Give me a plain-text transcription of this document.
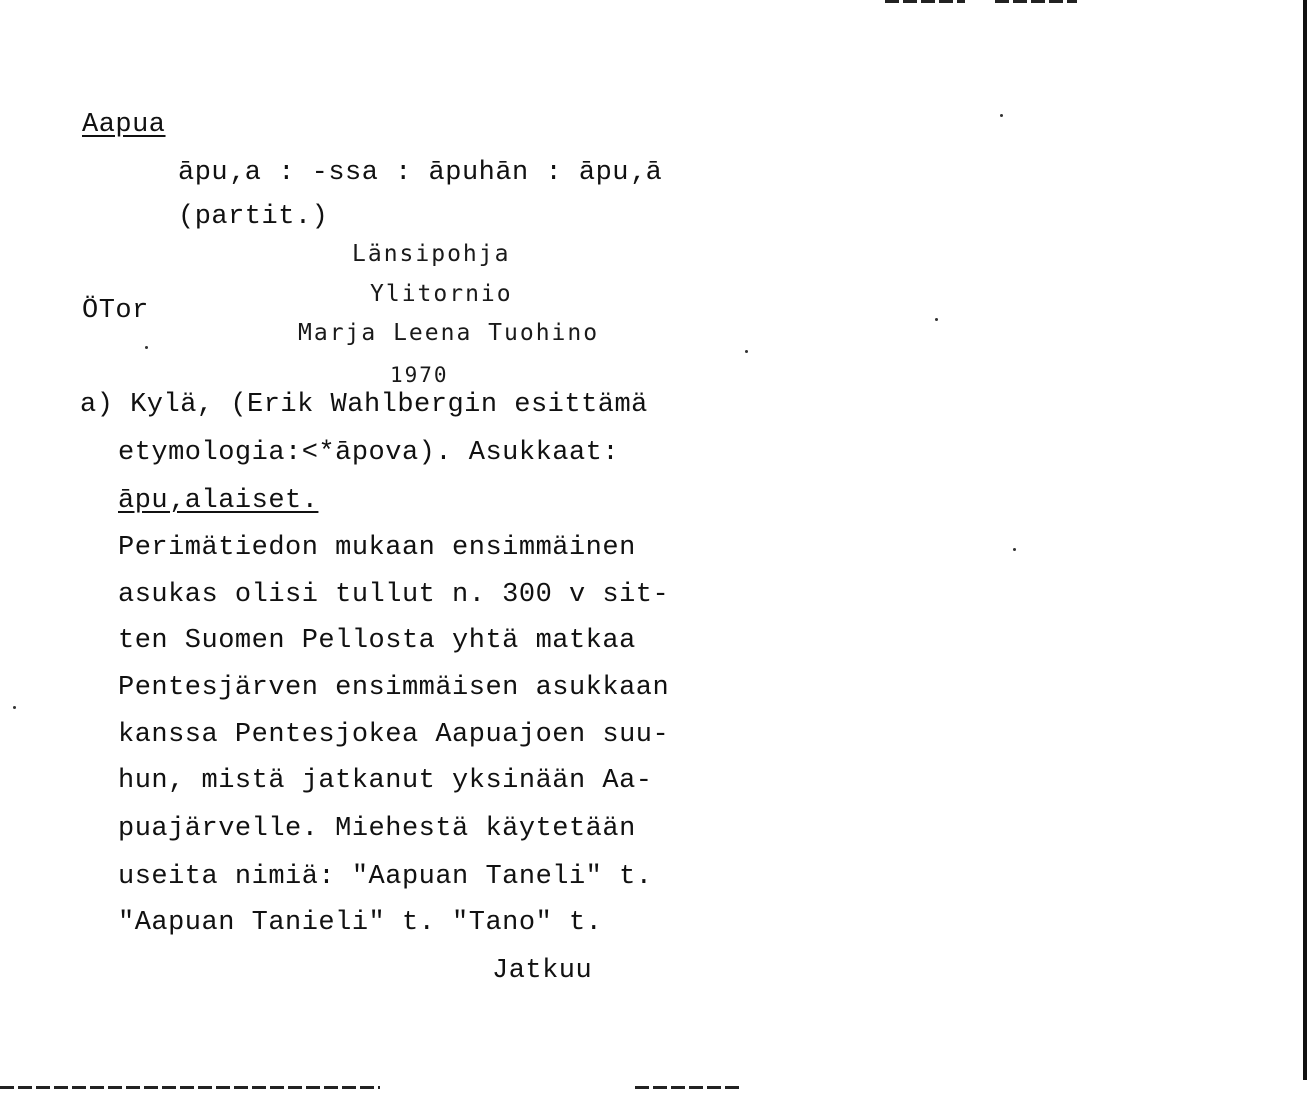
Aapua
āpu‚a : -ssa : āpuhān : āpu‚ā
(partit.)
Länsipohja
Ylitornio
ÖTor
Marja Leena Tuohino
1970
a) Kylä, (Erik Wahlbergin esittämä
etymologia:<*āpova). Asukkaat:
āpu‚alaiset.
Perimätiedon mukaan ensimmäinen
asukas olisi tullut n. 300 v sit-
ten Suomen Pellosta yhtä matkaa
Pentesjärven ensimmäisen asukkaan
kanssa Pentesjokea Aapuajoen suu-
hun, mistä jatkanut yksinään Aa-
puajärvelle. Miehestä käytetään
useita nimiä: "Aapuan Taneli" t.
"Aapuan Tanieli" t. "Tano" t.
Jatkuu
